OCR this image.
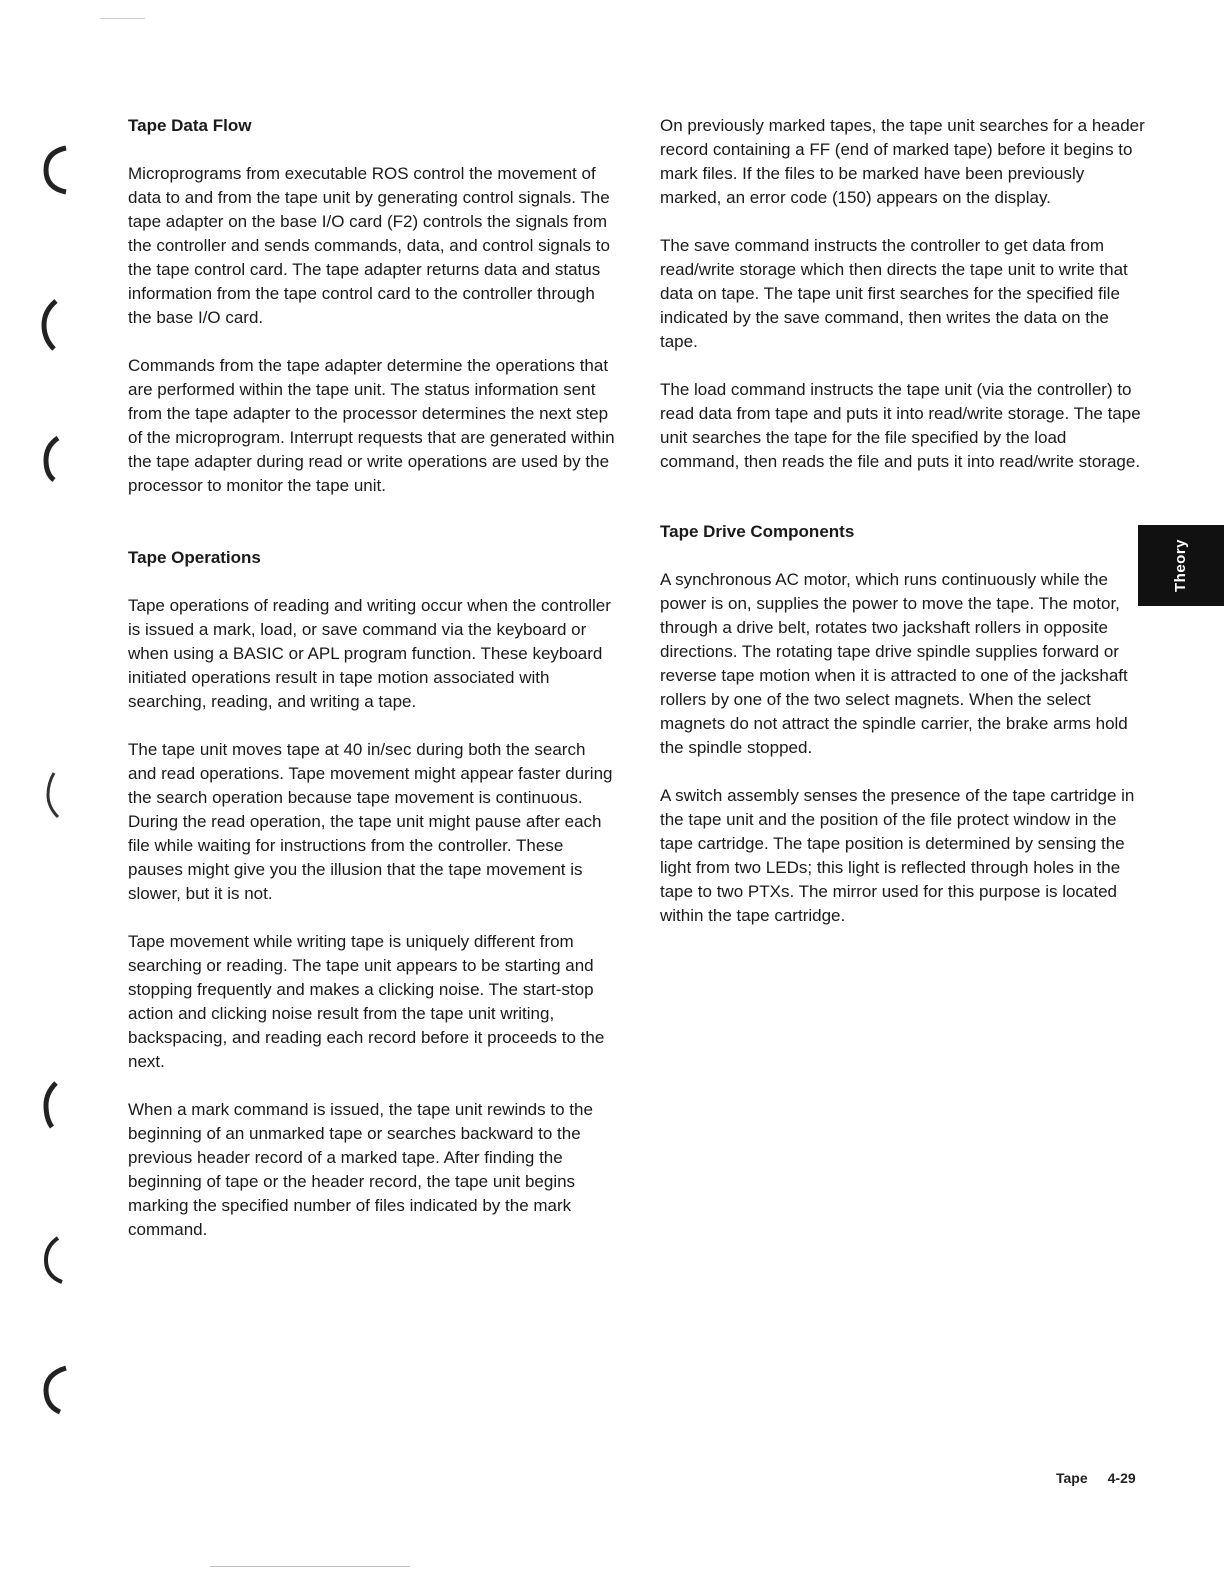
Tape Data Flow

Microprograms from executable ROS control the movement of data to and from the tape unit by generating control signals. The tape adapter on the base I/O card (F2) controls the signals from the controller and sends commands, data, and control signals to the tape control card. The tape adapter returns data and status information from the tape control card to the controller through the base I/O card.

Commands from the tape adapter determine the operations that are performed within the tape unit. The status information sent from the tape adapter to the processor determines the next step of the microprogram. Interrupt requests that are generated within the tape adapter during read or write operations are used by the processor to monitor the tape unit.

Tape Operations

Tape operations of reading and writing occur when the controller is issued a mark, load, or save command via the keyboard or when using a BASIC or APL program function. These keyboard initiated operations result in tape motion associated with searching, reading, and writing a tape.

The tape unit moves tape at 40 in/sec during both the search and read operations. Tape movement might appear faster during the search operation because tape movement is continuous. During the read operation, the tape unit might pause after each file while waiting for instructions from the controller. These pauses might give you the illusion that the tape movement is slower, but it is not.

Tape movement while writing tape is uniquely different from searching or reading. The tape unit appears to be starting and stopping frequently and makes a clicking noise. The start-stop action and clicking noise result from the tape unit writing, backspacing, and reading each record before it proceeds to the next.

When a mark command is issued, the tape unit rewinds to the beginning of an unmarked tape or searches backward to the previous header record of a marked tape. After finding the beginning of tape or the header record, the tape unit begins marking the specified number of files indicated by the mark command.

On previously marked tapes, the tape unit searches for a header record containing a FF (end of marked tape) before it begins to mark files. If the files to be marked have been previously marked, an error code (150) appears on the display.

The save command instructs the controller to get data from read/write storage which then directs the tape unit to write that data on tape. The tape unit first searches for the specified file indicated by the save command, then writes the data on the tape.

The load command instructs the tape unit (via the controller) to read data from tape and puts it into read/write storage. The tape unit searches the tape for the file specified by the load command, then reads the file and puts it into read/write storage.

Tape Drive Components

A synchronous AC motor, which runs continuously while the power is on, supplies the power to move the tape. The motor, through a drive belt, rotates two jackshaft rollers in opposite directions. The rotating tape drive spindle supplies forward or reverse tape motion when it is attracted to one of the jackshaft rollers by one of the two select magnets. When the select magnets do not attract the spindle carrier, the brake arms hold the spindle stopped.

A switch assembly senses the presence of the tape cartridge in the tape unit and the position of the file protect window in the tape cartridge. The tape position is determined by sensing the light from two LEDs; this light is reflected through holes in the tape to two PTXs. The mirror used for this purpose is located within the tape cartridge.

Theory
Tape 4-29
